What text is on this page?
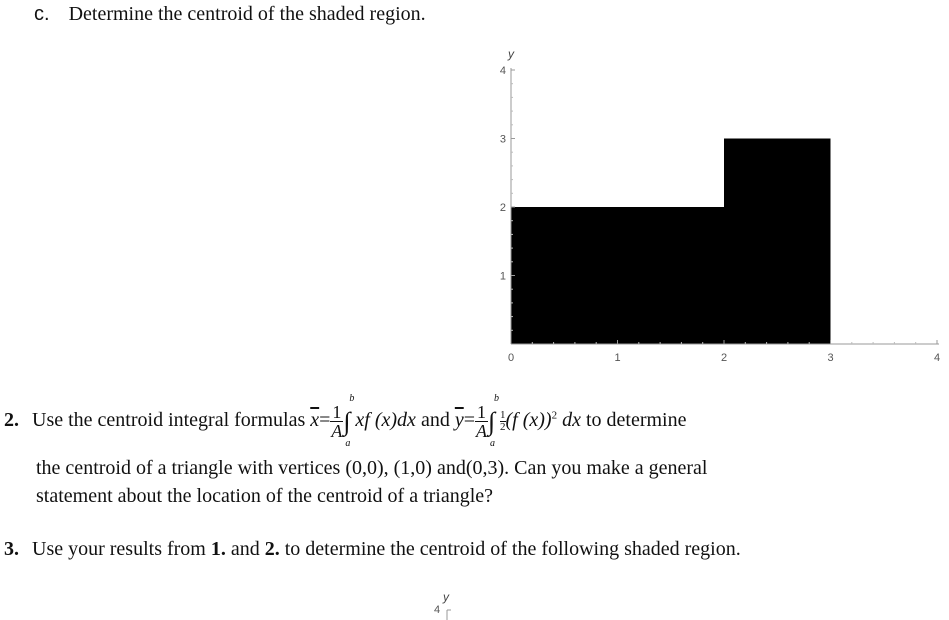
c. Determine the centroid of the shaded region.
0	1	2	3	4
1
2
3
4
y
2. Use the centroid integral formulas $\overline{x}= \frac{1}{A}$ ∫
b
a
xf (x)dx and $\overline{y}= \frac{1}{A}$ ∫
b
a
$\frac{1}{2} (f$ (x))$^2$ dx to determine
the centroid of a triangle with vertices (0,0), (1,0) and(0,3). Can you make a general
statement about the location of the centroid of a triangle?
3. Use your results from 1. and 2. to determine the centroid of the following shaded region.
y
4
